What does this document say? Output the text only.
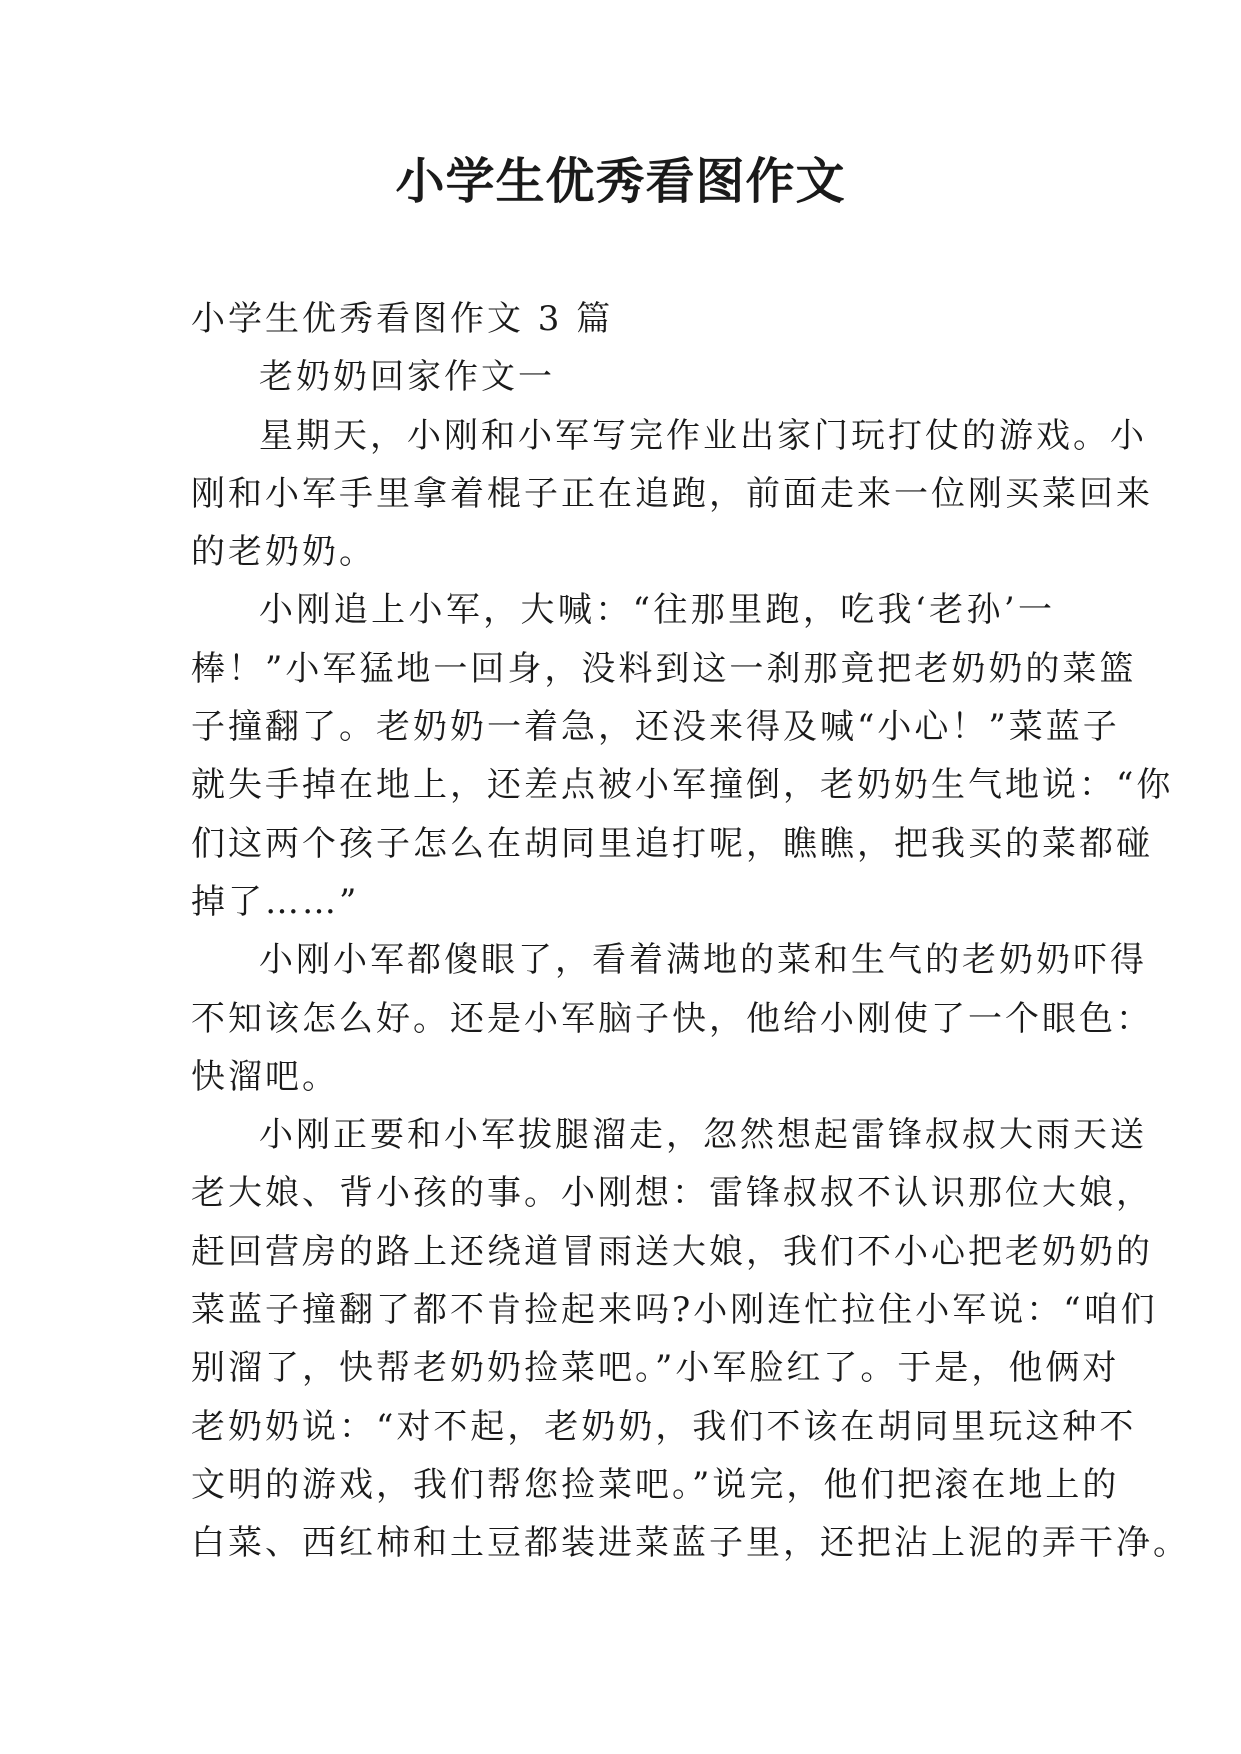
小学生优秀看图作文

小学生优秀看图作文 3 篇

老奶奶回家作文一

星期天，小刚和小军写完作业出家门玩打仗的游戏。小
刚和小军手里拿着棍子正在追跑，前面走来一位刚买菜回来
的老奶奶。

小刚追上小军，大喊：“往那里跑，吃我‘老孙’一
棒！”小军猛地一回身，没料到这一刹那竟把老奶奶的菜篮
子撞翻了。老奶奶一着急，还没来得及喊“小心！”菜蓝子
就失手掉在地上，还差点被小军撞倒，老奶奶生气地说：“你
们这两个孩子怎么在胡同里追打呢，瞧瞧，把我买的菜都碰
掉了……”

小刚小军都傻眼了，看着满地的菜和生气的老奶奶吓得
不知该怎么好。还是小军脑子快，他给小刚使了一个眼色：
快溜吧。

小刚正要和小军拔腿溜走，忽然想起雷锋叔叔大雨天送
老大娘、背小孩的事。小刚想：雷锋叔叔不认识那位大娘，
赶回营房的路上还绕道冒雨送大娘，我们不小心把老奶奶的
菜蓝子撞翻了都不肯捡起来吗?小刚连忙拉住小军说：“咱们
别溜了，快帮老奶奶捡菜吧。”小军脸红了。于是，他俩对
老奶奶说：“对不起，老奶奶，我们不该在胡同里玩这种不
文明的游戏，我们帮您捡菜吧。”说完，他们把滚在地上的
白菜、西红柿和土豆都装进菜蓝子里，还把沾上泥的弄干净。
